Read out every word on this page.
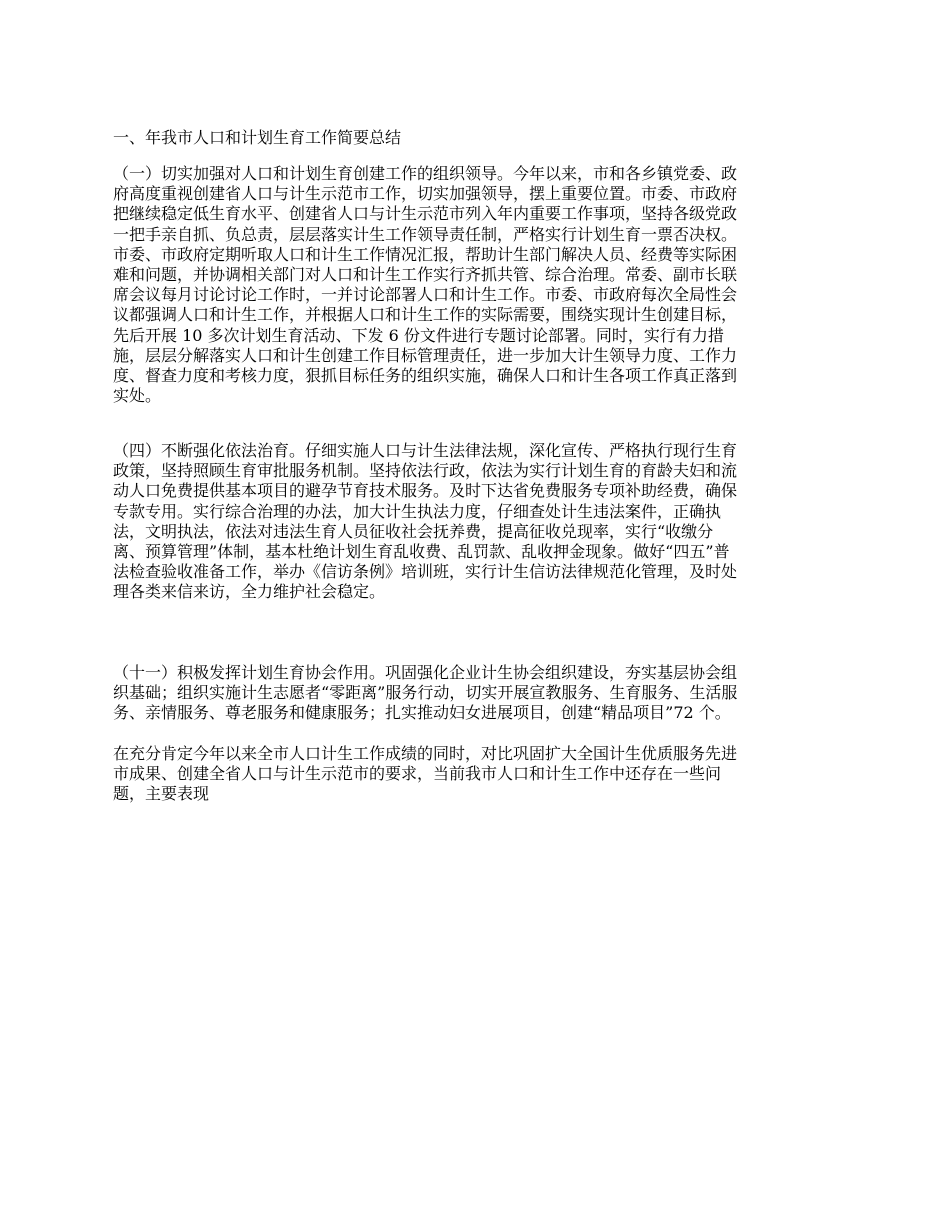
一、年我市人口和计划生育工作简要总结

（一）切实加强对人口和计划生育创建工作的组织领导。今年以来，市和各乡镇党委、政
府高度重视创建省人口与计生示范市工作，切实加强领导，摆上重要位置。市委、市政府
把继续稳定低生育水平、创建省人口与计生示范市列入年内重要工作事项，坚持各级党政
一把手亲自抓、负总责，层层落实计生工作领导责任制，严格实行计划生育一票否决权。
市委、市政府定期听取人口和计生工作情况汇报，帮助计生部门解决人员、经费等实际困
难和问题，并协调相关部门对人口和计生工作实行齐抓共管、综合治理。常委、副市长联
席会议每月讨论讨论工作时，一并讨论部署人口和计生工作。市委、市政府每次全局性会
议都强调人口和计生工作，并根据人口和计生工作的实际需要，围绕实现计生创建目标，
先后开展 10 多次计划生育活动、下发 6 份文件进行专题讨论部署。同时，实行有力措
施，层层分解落实人口和计生创建工作目标管理责任，进一步加大计生领导力度、工作力
度、督查力度和考核力度，狠抓目标任务的组织实施，确保人口和计生各项工作真正落到
实处。

（四）不断强化依法治育。仔细实施人口与计生法律法规，深化宣传、严格执行现行生育
政策，坚持照顾生育审批服务机制。坚持依法行政，依法为实行计划生育的育龄夫妇和流
动人口免费提供基本项目的避孕节育技术服务。及时下达省免费服务专项补助经费，确保
专款专用。实行综合治理的办法，加大计生执法力度，仔细查处计生违法案件，正确执
法，文明执法，依法对违法生育人员征收社会抚养费，提高征收兑现率，实行“收缴分
离、预算管理”体制，基本杜绝计划生育乱收费、乱罚款、乱收押金现象。做好“四五”普
法检查验收准备工作，举办《信访条例》培训班，实行计生信访法律规范化管理，及时处
理各类来信来访，全力维护社会稳定。

（十一）积极发挥计划生育协会作用。巩固强化企业计生协会组织建设，夯实基层协会组
织基础；组织实施计生志愿者“零距离”服务行动，切实开展宣教服务、生育服务、生活服
务、亲情服务、尊老服务和健康服务；扎实推动妇女进展项目，创建“精品项目”72 个。

在充分肯定今年以来全市人口计生工作成绩的同时，对比巩固扩大全国计生优质服务先进
市成果、创建全省人口与计生示范市的要求，当前我市人口和计生工作中还存在一些问
题，主要表现
